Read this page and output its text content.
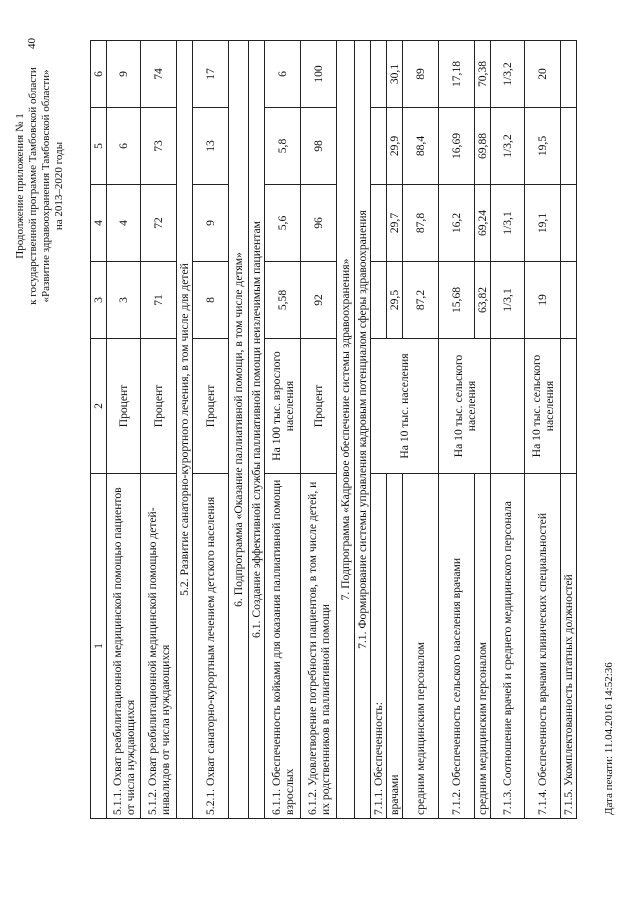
40
Продолжение приложения № 1 к государственной программе Тамбовской области «Развитие здравоохранения Тамбовской области» на 2013–2020 годы
1	2	3	4	5	6
5.1.1. Охват реабилитационной медицинской помощью пациентов от числа нуждающихся	Процент	3	4	6	9
5.1.2. Охват реабилитационной медицинской помощью детей-инвалидов от числа нуждающихся	Процент	71	72	73	74
5.2. Развитие санаторно-курортного лечения, в том числе для детей					
5.2.1. Охват санаторно-курортным лечением детского населения	Процент	8	9	13	17
6. Подпрограмма «Оказание паллиативной помощи, в том числе детям»					
6.1. Создание эффективной службы паллиативной помощи неизлечимым пациентам					
6.1.1. Обеспеченность койками для оказания паллиативной помощи взрослых	На 100 тыс. взрослого населения	5,58	5,6	5,8	6
6.1.2. Удовлетворение потребности пациентов, в том числе детей, и их родственников в паллиативной помощи	Процент	92	96	98	100
7. Подпрограмма «Кадровое обеспечение системы здравоохранения»					
7.1. Формирование системы управления кадровым потенциалом сферы здравоохранения					
7.1.1. Обеспеченность:	На 10 тыс. населения				
врачами		29,5	29,7	29,9	30,1
средним медицинским персоналом		87,2	87,8	88,4	89
7.1.2. Обеспеченность сельского населения врачами	На 10 тыс. сельского населения	15,68	16,2	16,69	17,18
средним медицинским персоналом		63,82	69,24	69,88	70,38
7.1.3. Соотношение врачей и среднего медицинского персонала		1/3,1	1/3,1	1/3,2	1/3,2
7.1.4. Обеспеченность врачами клинических специальностей	На 10 тыс. сельского населения	19	19,1	19,5	20
7.1.5. Укомплектованность штатных должностей						Дата печати: 11.04.2016 14:52:36
